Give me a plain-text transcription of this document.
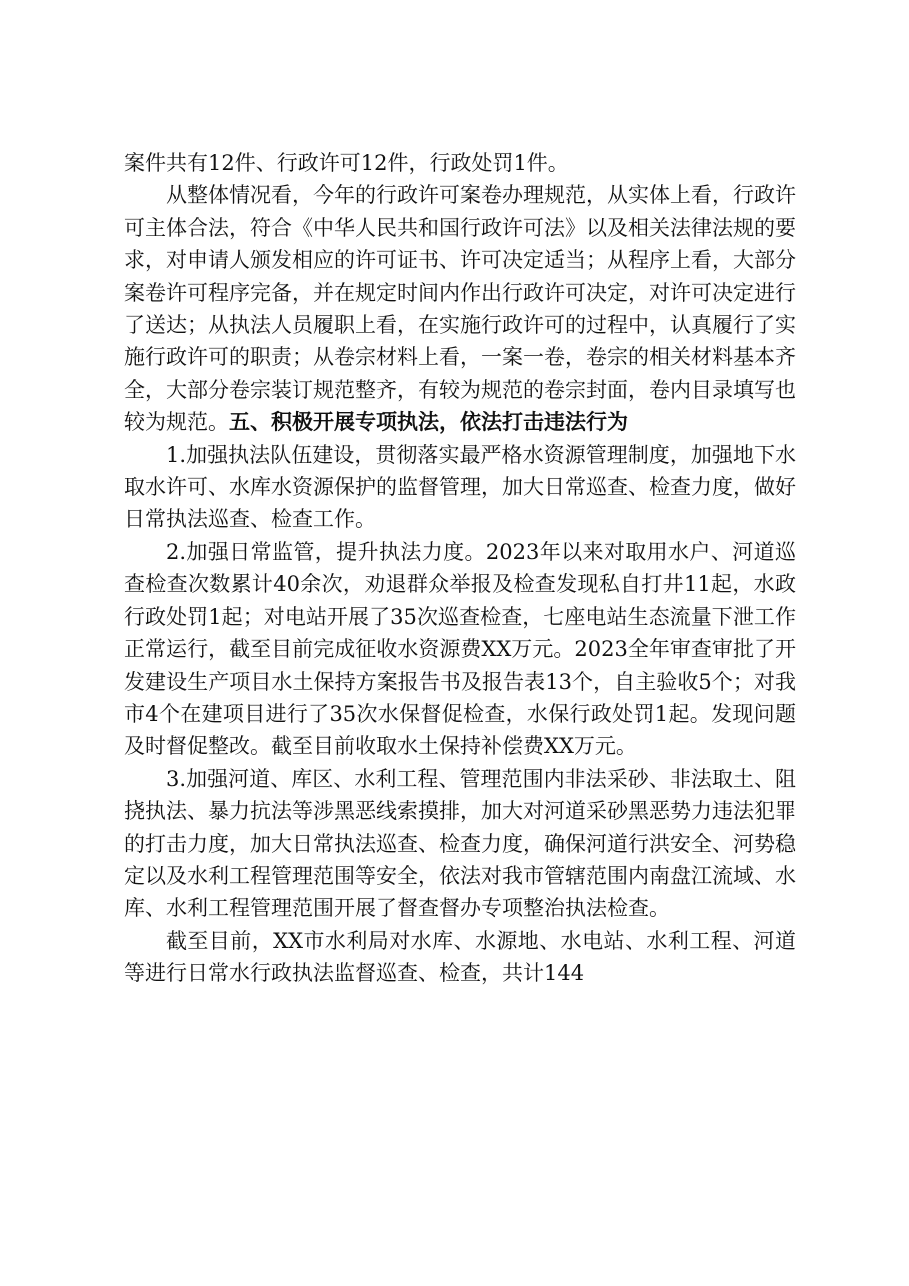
案件共有12件、行政许可12件，行政处罚1件。

从整体情况看，今年的行政许可案卷办理规范，从实体上看，行政许可主体合法，符合《中华人民共和国行政许可法》以及相关法律法规的要求，对申请人颁发相应的许可证书、许可决定适当；从程序上看，大部分案卷许可程序完备，并在规定时间内作出行政许可决定，对许可决定进行了送达；从执法人员履职上看，在实施行政许可的过程中，认真履行了实施行政许可的职责；从卷宗材料上看，一案一卷，卷宗的相关材料基本齐全，大部分卷宗装订规范整齐，有较为规范的卷宗封面，卷内目录填写也较为规范。五、积极开展专项执法，依法打击违法行为

1.加强执法队伍建设，贯彻落实最严格水资源管理制度，加强地下水取水许可、水库水资源保护的监督管理，加大日常巡查、检查力度，做好日常执法巡查、检查工作。

2.加强日常监管，提升执法力度。2023年以来对取用水户、河道巡查检查次数累计40余次，劝退群众举报及检查发现私自打井11起，水政行政处罚1起；对电站开展了35次巡查检查，七座电站生态流量下泄工作正常运行，截至目前完成征收水资源费XX万元。2023全年审查审批了开发建设生产项目水土保持方案报告书及报告表13个，自主验收5个；对我市4个在建项目进行了35次水保督促检查，水保行政处罚1起。发现问题及时督促整改。截至目前收取水土保持补偿费XX万元。

3.加强河道、库区、水利工程、管理范围内非法采砂、非法取土、阻挠执法、暴力抗法等涉黑恶线索摸排，加大对河道采砂黑恶势力违法犯罪的打击力度，加大日常执法巡查、检查力度，确保河道行洪安全、河势稳定以及水利工程管理范围等安全，依法对我市管辖范围内南盘江流域、水库、水利工程管理范围开展了督查督办专项整治执法检查。

截至目前，XX市水利局对水库、水源地、水电站、水利工程、河道等进行日常水行政执法监督巡查、检查，共计144
